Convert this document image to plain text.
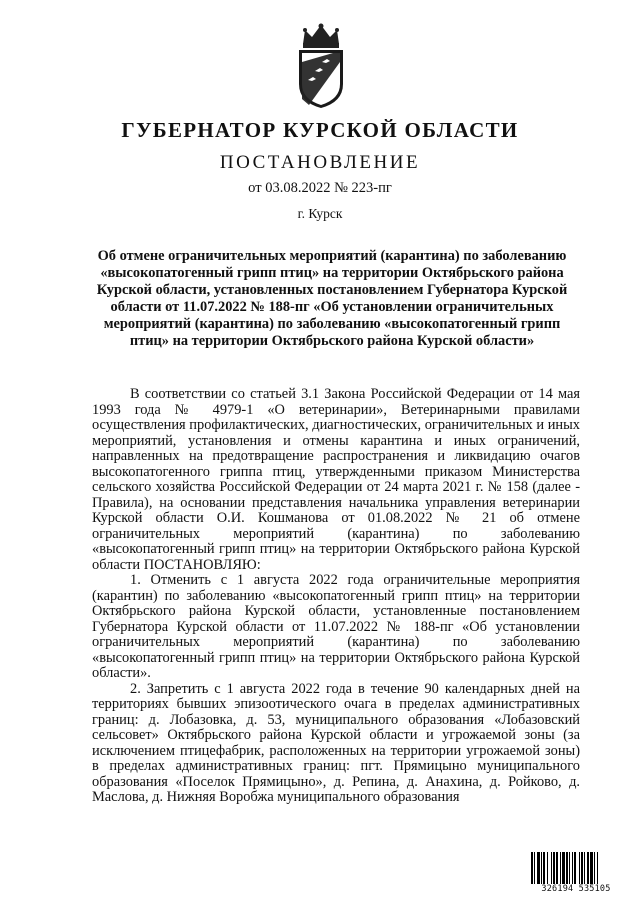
ГУБЕРНАТОР КУРСКОЙ ОБЛАСТИ
ПОСТАНОВЛЕНИЕ
от 03.08.2022 № 223-пг
г. Курск
Об отмене ограничительных мероприятий (карантина) по заболеванию «высокопатогенный грипп птиц» на территории Октябрьского района Курской области, установленных постановлением Губернатора Курской области от 11.07.2022 № 188-пг «Об установлении ограничительных мероприятий (карантина) по заболеванию «высокопатогенный грипп птиц» на территории Октябрьского района Курской области»

В соответствии со статьей 3.1 Закона Российской Федерации от 14 мая 1993 года № 4979-1 «О ветеринарии», Ветеринарными правилами осуществления профилактических, диагностических, ограничительных и иных мероприятий, установления и отмены карантина и иных ограничений, направленных на предотвращение распространения и ликвидацию очагов высокопатогенного гриппа птиц, утвержденными приказом Министерства сельского хозяйства Российской Федерации от 24 марта 2021 г. № 158 (далее - Правила), на основании представления начальника управления ветеринарии Курской области О.И. Кошманова от 01.08.2022 № 21 об отмене ограничительных мероприятий (карантина) по заболеванию «высокопатогенный грипп птиц» на территории Октябрьского района Курской области ПОСТАНОВЛЯЮ:

1. Отменить с 1 августа 2022 года ограничительные мероприятия (карантин) по заболеванию «высокопатогенный грипп птиц» на территории Октябрьского района Курской области, установленные постановлением Губернатора Курской области от 11.07.2022 № 188-пг «Об установлении ограничительных мероприятий (карантина) по заболеванию «высокопатогенный грипп птиц» на территории Октябрьского района Курской области».

2. Запретить с 1 августа 2022 года в течение 90 календарных дней на территориях бывших эпизоотического очага в пределах административных границ: д. Лобазовка, д. 53, муниципального образования «Лобазовский сельсовет» Октябрьского района Курской области и угрожаемой зоны (за исключением птицефабрик, расположенных на территории угрожаемой зоны) в пределах административных границ: пгт. Прямицыно муниципального образования «Поселок Прямицыно», д. Репина, д. Анахина, д. Ройково, д. Маслова, д. Нижняя Воробжа муниципального образования

326194 535105
